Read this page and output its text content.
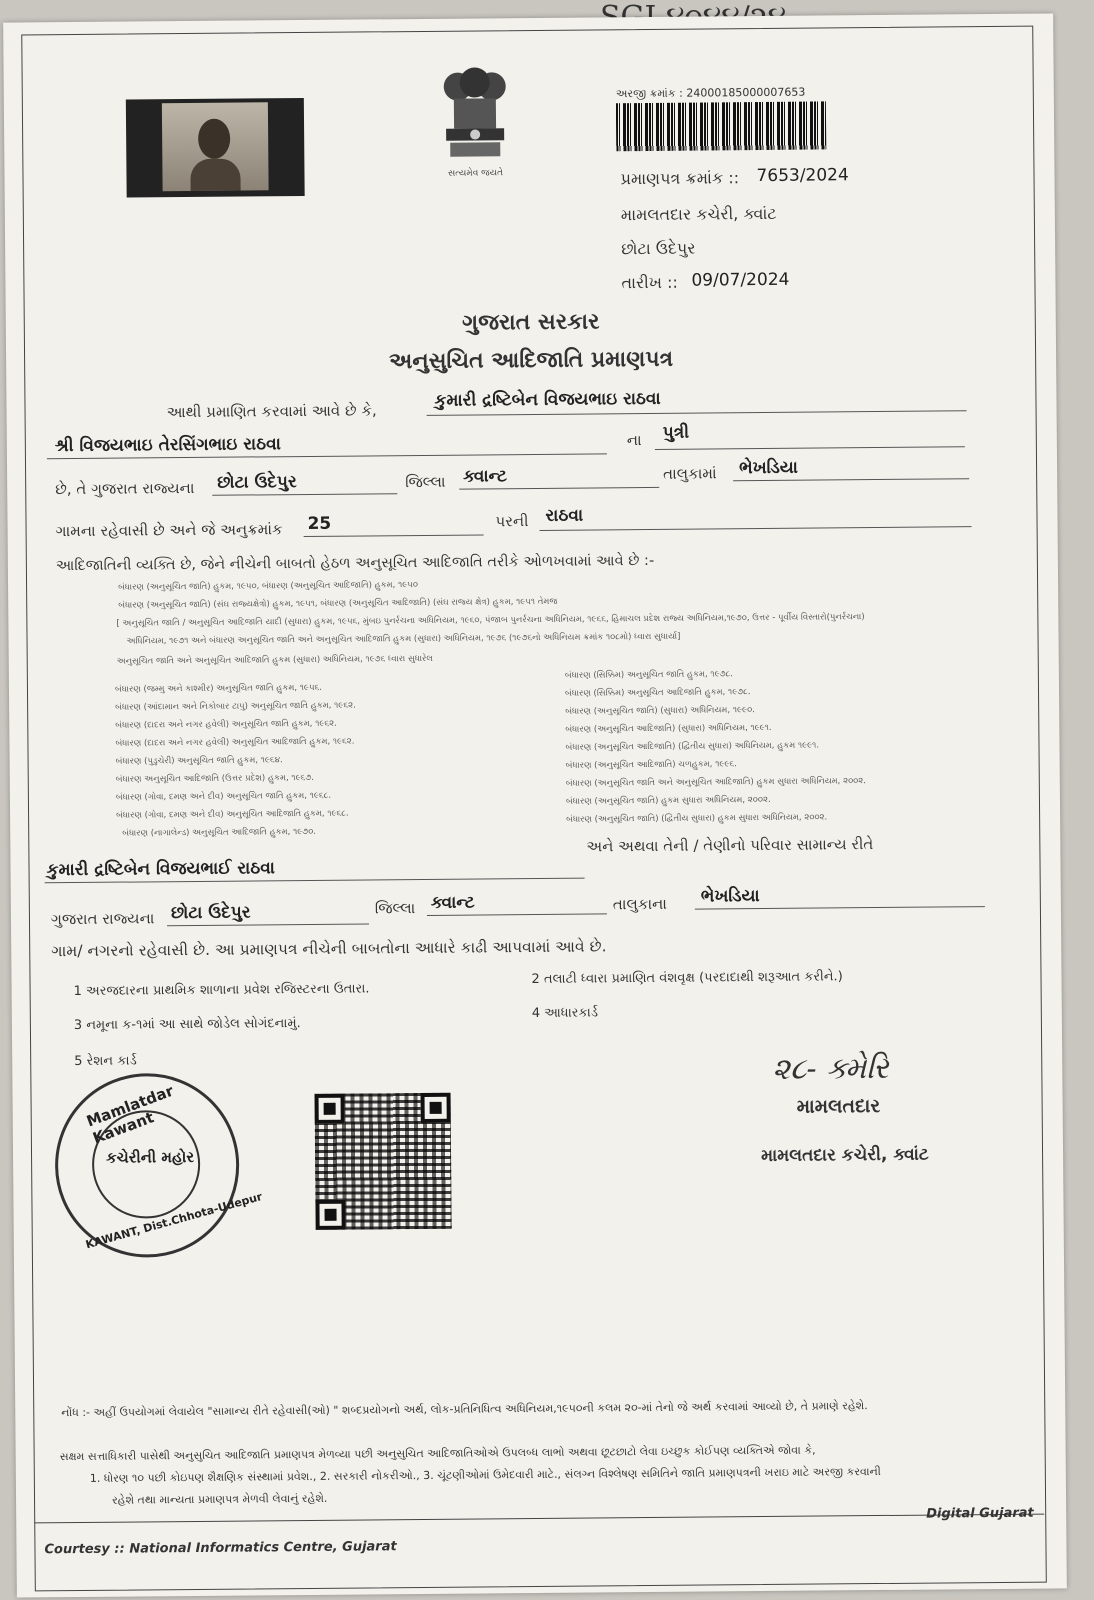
સત્યમેવ જયતે
અરજી ક્રમાંક : 24000185000007653
પ્રમાણપત્ર ક્રમાંક :: 7653/2024
મામલતદાર કચેરી, ક્વાંટ
છોટા ઉદેપુર
તારીખ :: 09/07/2024
ગુજરાત સરકાર
અનુસુચિત આદિજાતિ પ્રમાણપત્ર
આથી પ્રમાણિત કરવામાં આવે છે કે,
કુમારી દ્રષ્ટિબેન વિજયભાઇ રાઠવા
શ્રી વિજયભાઇ તેરસિંગભાઇ રાઠવા	ના પુત્રી
છે, તે ગુજરાત રાજ્યના છોટા ઉદેપુર	જિલ્લા ક્વાન્ટ	તાલુકામાં ભેખડિયા
ગામના રહેવાસી છે અને જે અનુક્રમાંક 25	પરની રાઠવા
આદિજાતિની વ્યક્તિ છે, જેને નીચેની બાબતો હેઠળ અનુસૂચિત આદિજાતિ તરીકે ઓળખવામાં આવે છે :-
બંધારણ (અનુસૂચિત જાતિ) હુકમ, ૧૯૫૦, બંધારણ (અનુસૂચિત આદિજાતિ) હુકમ, ૧૯૫૦
બંધારણ (અનુસૂચિત જાતિ) (સંઘ રાજ્યક્ષેત્રો) હુકમ, ૧૯૫૧, બંધારણ (અનુસૂચિત આદિજાતિ) (સંઘ રાજ્ય ક્ષેત્ર) હુકમ, ૧૯૫૧ તેમજ
[ અનુસૂચિત જાતિ / અનુસૂચિત આદિજાતિ યાદી (સુધારા) હુકમ, ૧૯૫૬, મુંબઇ પુનર્રચના અધિનિયમ, ૧૯૬૦, પંજાબ પુનર્રચના અધિનિયમ, ૧૯૬૬, હિમાચલ પ્રદેશ રાજ્ય અધિનિયમ,૧૯૭૦, ઉત્તર - પૂર્વીય વિસ્તારો(પુનર્રચના)
અધિનિયમ, ૧૯૭૧ અને બંધારણ અનુસૂચિત જાતિ અને અનુસૂચિત આદિજાતિ હુકમ (સુધારા) અધિનિયમ, ૧૯૭૬ (૧૯૭૬નો અધિનિયમ ક્રમાંક ૧૦૮મો) ધ્વારા સુધાર્યા]
અનુસૂચિત જાતિ અને અનુસૂચિત આદિજાતિ હુકમ (સુધારા) અધિનિયમ, ૧૯૭૬ ધ્વારા સુધારેલ
બંધારણ (જમ્મુ અને કાશ્મીર) અનુસૂચિત જાતિ હુકમ, ૧૯૫૬.
બંધારણ (આંદામાન અને નિકોબાર ટાપુ) અનુસૂચિત જાતિ હુકમ, ૧૯૬૨.
બંધારણ (દાદરા અને નગર હવેલી) અનુસૂચિત જાતિ હુકમ, ૧૯૬૨.
બંધારણ (દાદરા અને નગર હવેલી) અનુસૂચિત આદિજાતિ હુકમ, ૧૯૬૨.
બંધારણ (પુડુચેરી) અનુસૂચિત જાતિ હુકમ, ૧૯૬૪.
બંધારણ અનુસૂચિત આદિજાતિ (ઉત્તર પ્રદેશ) હુકમ, ૧૯૬૭.
બંધારણ (ગોવા, દમણ અને દીવ) અનુસૂચિત જાતિ હુકમ, ૧૯૬૮.
બંધારણ (ગોવા, દમણ અને દીવ) અનુસૂચિત આદિજાતિ હુકમ, ૧૯૬૮.
બંધારણ (નાગાલેન્ડ) અનુસૂચિત આદિજાતિ હુકમ, ૧૯૭૦.
બંધારણ (સિક્કિમ) અનુસૂચિત જાતિ હુકમ, ૧૯૭૮.
બંધારણ (સિક્કિમ) અનુસૂચિત આદિજાતિ હુકમ, ૧૯૭૮.
બંધારણ (અનુસૂચિત જાતિ) (સુધારા) અધિનિયમ, ૧૯૯૦.
બંધારણ (અનુસૂચિત આદિજાતિ) (સુધારા) અધિનિયમ, ૧૯૯૧.
બંધારણ (અનુસૂચિત આદિજાતિ) (દ્વિતીય સુધારા) અધિનિયમ, હુકમ ૧૯૯૧.
બંધારણ (અનુસૂચિત આદિજાતિ) ચળહુકમ, ૧૯૯૬.
બંધારણ (અનુસૂચિત જાતિ અને અનુસૂચિત આદિજાતિ) હુકમ સુધારા અધિનિયમ, ૨૦૦૨.
બંધારણ (અનુસૂચિત જાતિ) હુકમ સુધારા અધિનિયમ, ૨૦૦૨.
બંધારણ (અનુસૂચિત જાતિ) (દ્વિતીય સુધારા) હુકમ સુધારા અધિનિયમ, ૨૦૦૨.
અને અથવા તેની / તેણીનો પરિવાર સામાન્ય રીતે
કુમારી દ્રષ્ટિબેન વિજયભાઈ રાઠવા
ગુજરાત રાજ્યના છોટા ઉદેપુર	જિલ્લા ક્વાન્ટ	તાલુકાના ભેખડિયા
ગામ/ નગરનો રહેવાસી છે. આ પ્રમાણપત્ર નીચેની બાબતોના આધારે કાઢી આપવામાં આવે છે.
1 અરજદારના પ્રાથમિક શાળાના પ્રવેશ રજિસ્ટરના ઉતારા.
2 તલાટી ધ્વારા પ્રમાણિત વંશવૃક્ષ (પરદાદાથી શરૂઆત કરીને.)
3 નમૂના ક-૧માં આ સાથે જોડેલ સોગંદનામું.
4 આધારકાર્ડ
5 રેશન કાર્ડ
Mamlatdar Kawant
KAWANT, Dist.Chhota-Udepur
કચેરીની મહોર
૨૮- ક્મેરિ
મામલતદાર
મામલતદાર કચેરી, ક્વાંટ
નોંધ :- અહીં ઉપયોગમાં લેવાયેલ "સામાન્ય રીતે રહેવાસી(ઓ) " શબ્દપ્રયોગનો અર્થ, લોક-પ્રતિનિધિત્વ અધિનિયમ,૧૯૫૦ની કલમ ૨૦-માં તેનો જે અર્થ કરવામાં આવ્યો છે, તે પ્રમાણે રહેશે.
સક્ષમ સત્તાધિકારી પાસેથી અનુસુચિત આદિજાતિ પ્રમાણપત્ર મેળવ્યા પછી અનુસુચિત આદિજાતિઓએ ઉપલબ્ધ લાભો અથવા છૂટછાટો લેવા ઇચ્છુક કોઈપણ વ્યક્તિએ જોવા કે,
1. ધોરણ ૧૦ પછી કોઇપણ શૈક્ષણિક સંસ્થામાં પ્રવેશ., 2. સરકારી નોકરીઓ., 3. ચૂંટણીઓમાં ઉમેદવારી માટે., સંલગ્ન વિશ્લેષણ સમિતિને જાતિ પ્રમાણપત્રની ખરાઇ માટે અરજી કરવાની
રહેશે તથા માન્યતા પ્રમાણપત્ર મેળવી લેવાનું રહેશે.
Courtesy :: National Informatics Centre, Gujarat
Digital Gujarat
